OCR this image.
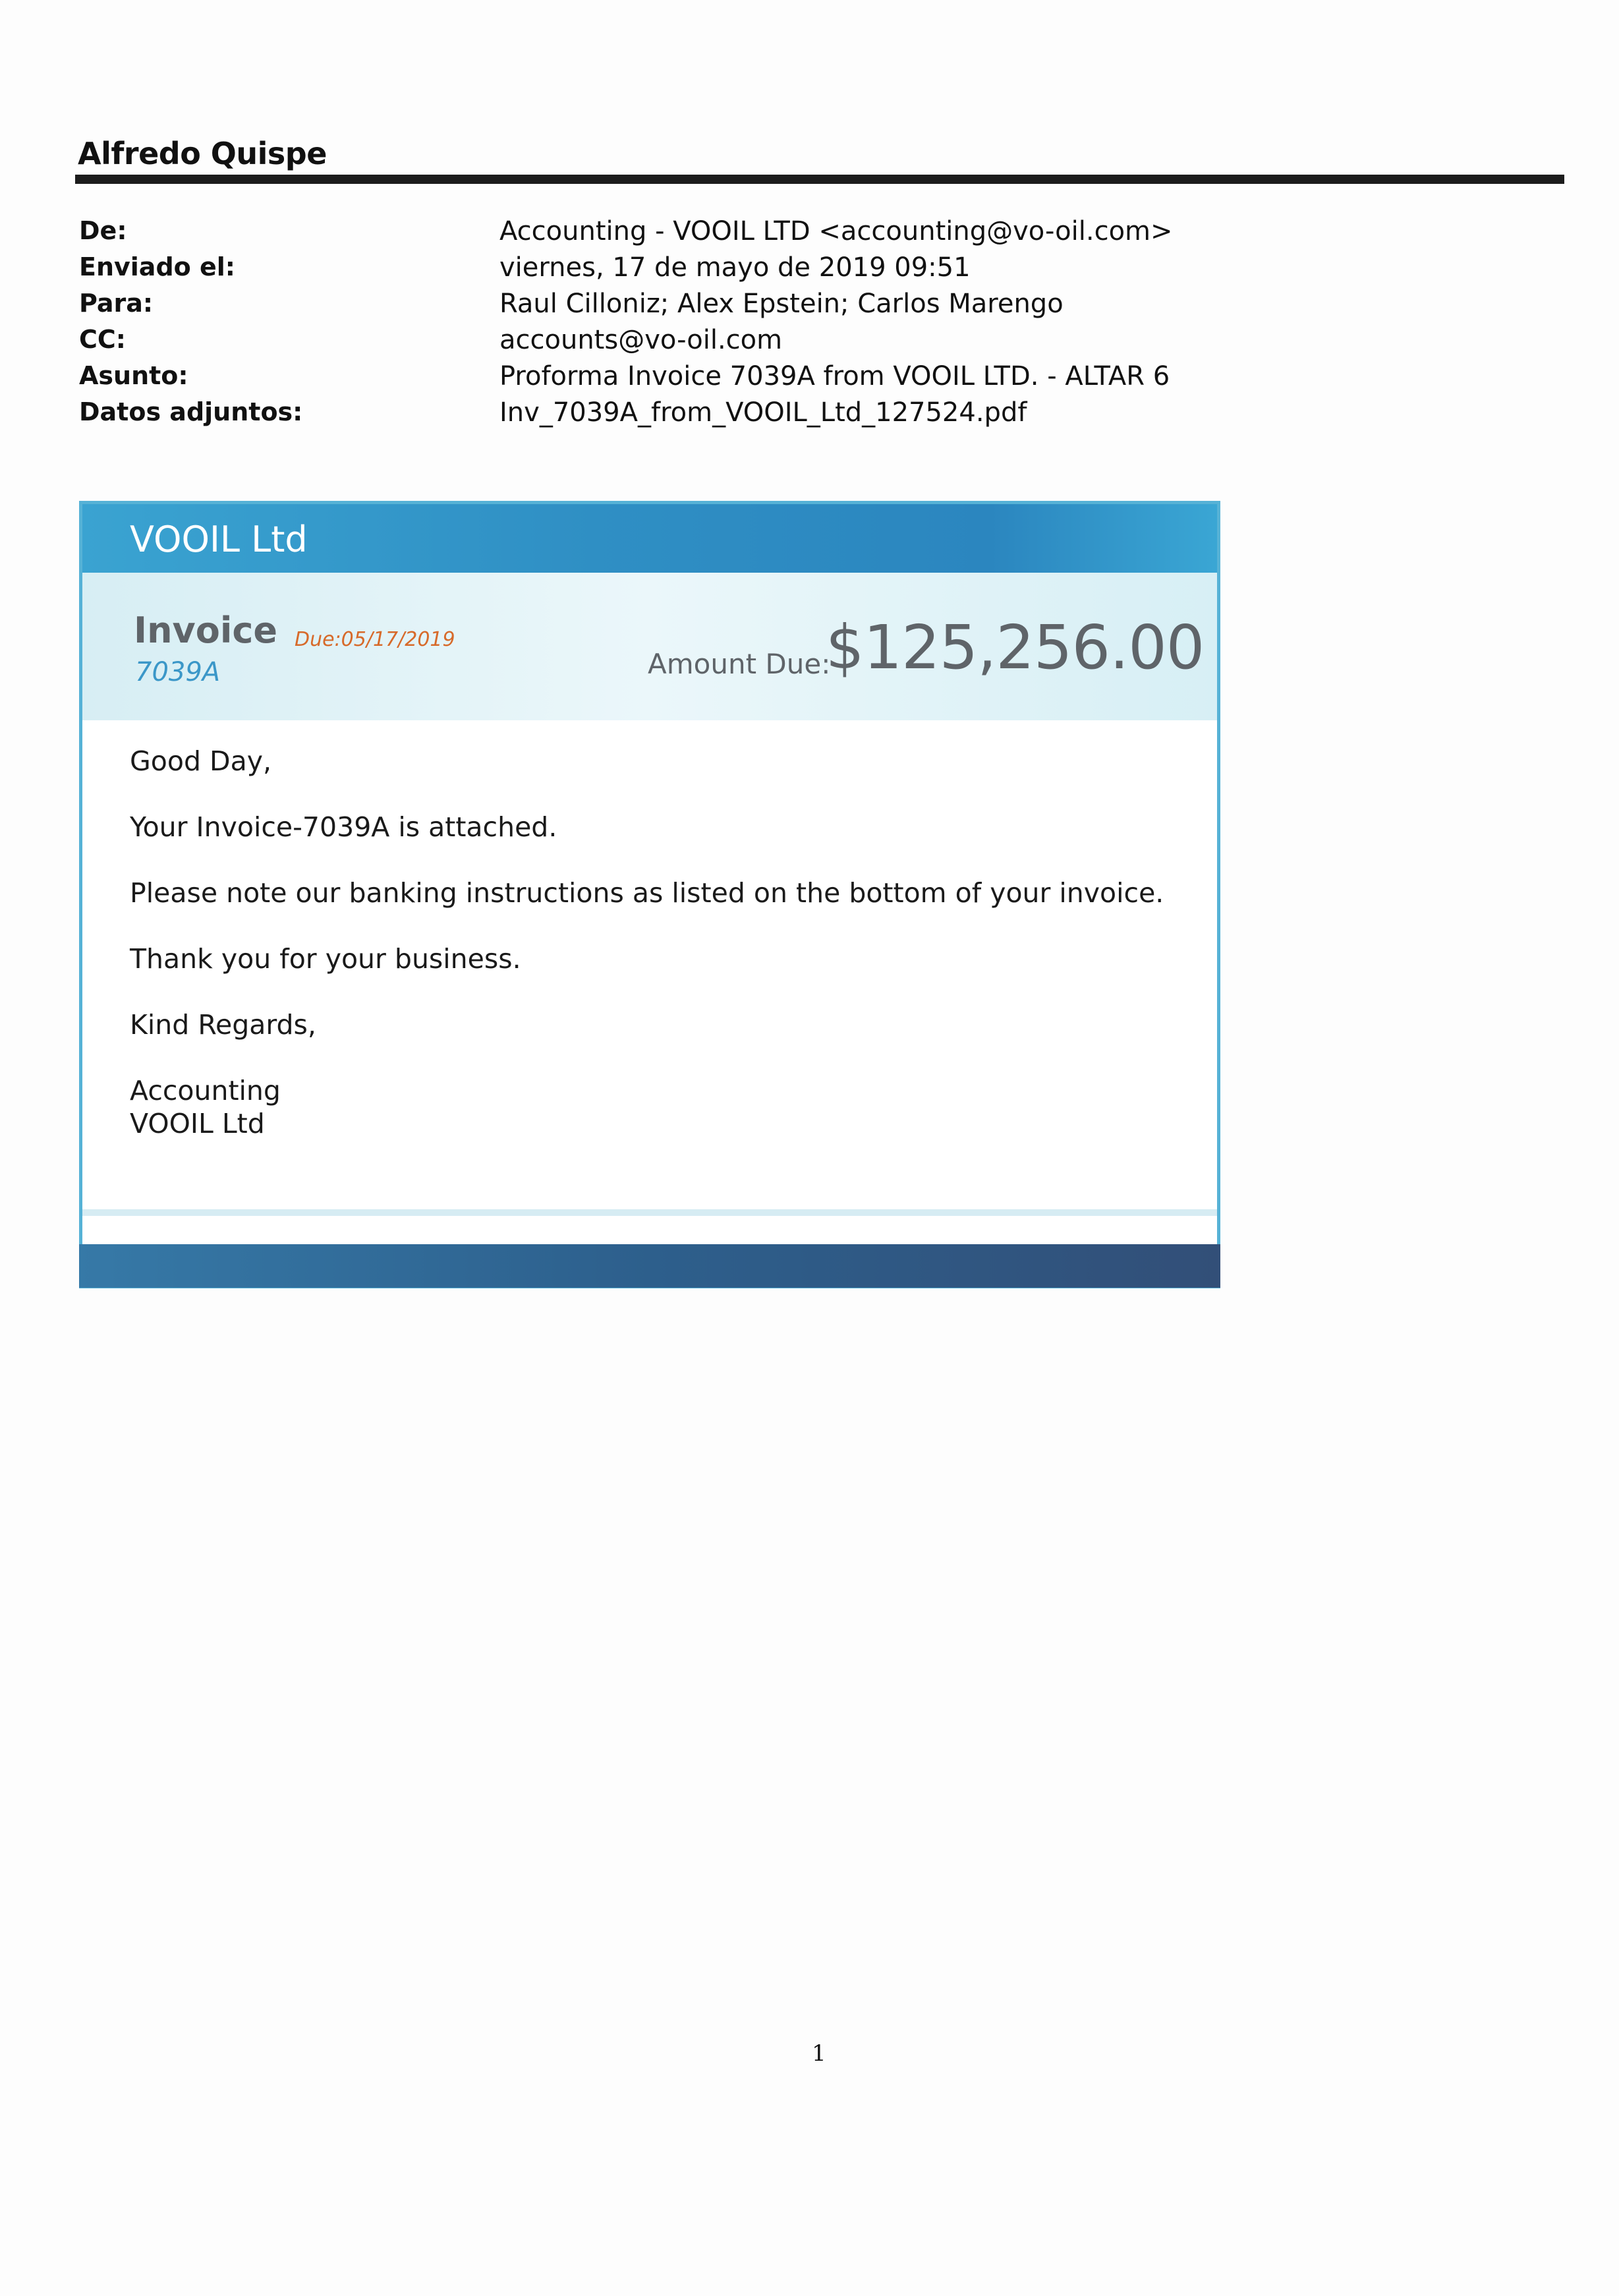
Alfredo Quispe
De:	Accounting - VOOIL LTD <accounting@vo-oil.com>
Enviado el:	viernes, 17 de mayo de 2019 09:51
Para:	Raul Cilloniz; Alex Epstein; Carlos Marengo
CC:	accounts@vo-oil.com
Asunto:	Proforma Invoice 7039A from VOOIL LTD. - ALTAR 6
Datos adjuntos:	Inv_7039A_from_VOOIL_Ltd_127524.pdf
VOOIL Ltd
Invoice Due:05/17/2019
7039A	Amount Due:
$125,256.00
Good Day,
Your Invoice-7039A is attached.
Please note our banking instructions as listed on the bottom of your invoice.
Thank you for your business.
Kind Regards,
Accounting
VOOIL Ltd
1
